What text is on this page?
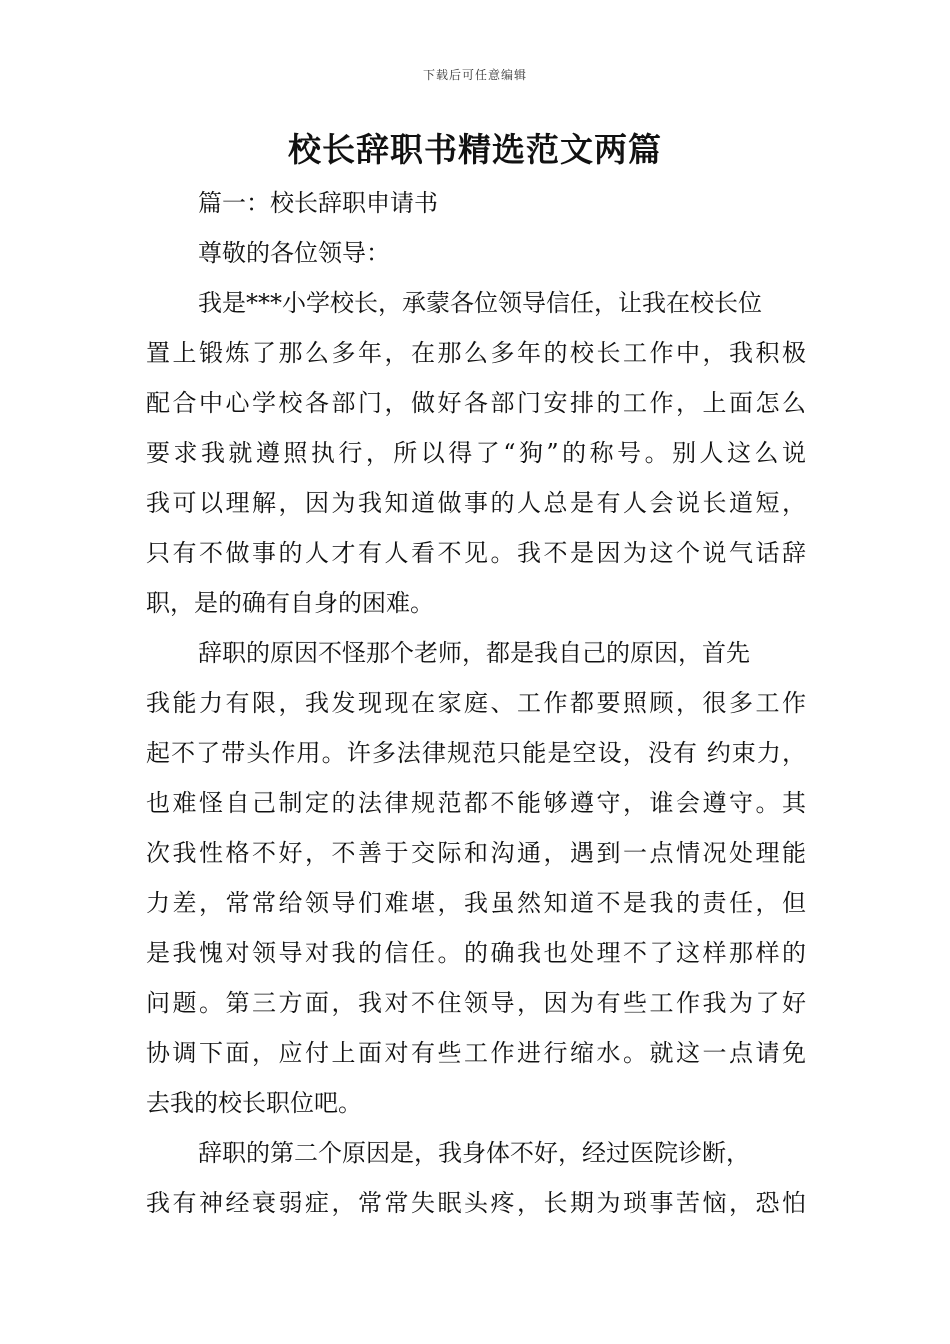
下载后可任意编辑
校长辞职书精选范文两篇
篇一：校长辞职申请书
尊敬的各位领导：
我是***小学校长，承蒙各位领导信任，让我在校长位
置上锻炼了那么多年，在那么多年的校长工作中，我积极
配合中心学校各部门，做好各部门安排的工作，上面怎么
要求我就遵照执行，所以得了“狗”的称号。别人这么说
我可以理解，因为我知道做事的人总是有人会说长道短，
只有不做事的人才有人看不见。我不是因为这个说气话辞
职，是的确有自身的困难。
辞职的原因不怪那个老师，都是我自己的原因，首先
我能力有限，我发现现在家庭、工作都要照顾，很多工作
起不了带头作用。许多法律规范只能是空设，没有 约束力，
也难怪自己制定的法律规范都不能够遵守，谁会遵守。其
次我性格不好，不善于交际和沟通，遇到一点情况处理能
力差，常常给领导们难堪，我虽然知道不是我的责任，但
是我愧对领导对我的信任。的确我也处理不了这样那样的
问题。第三方面，我对不住领导，因为有些工作我为了好
协调下面，应付上面对有些工作进行缩水。就这一点请免
去我的校长职位吧。
辞职的第二个原因是，我身体不好，经过医院诊断，
我有神经衰弱症，常常失眠头疼，长期为琐事苦恼，恐怕
